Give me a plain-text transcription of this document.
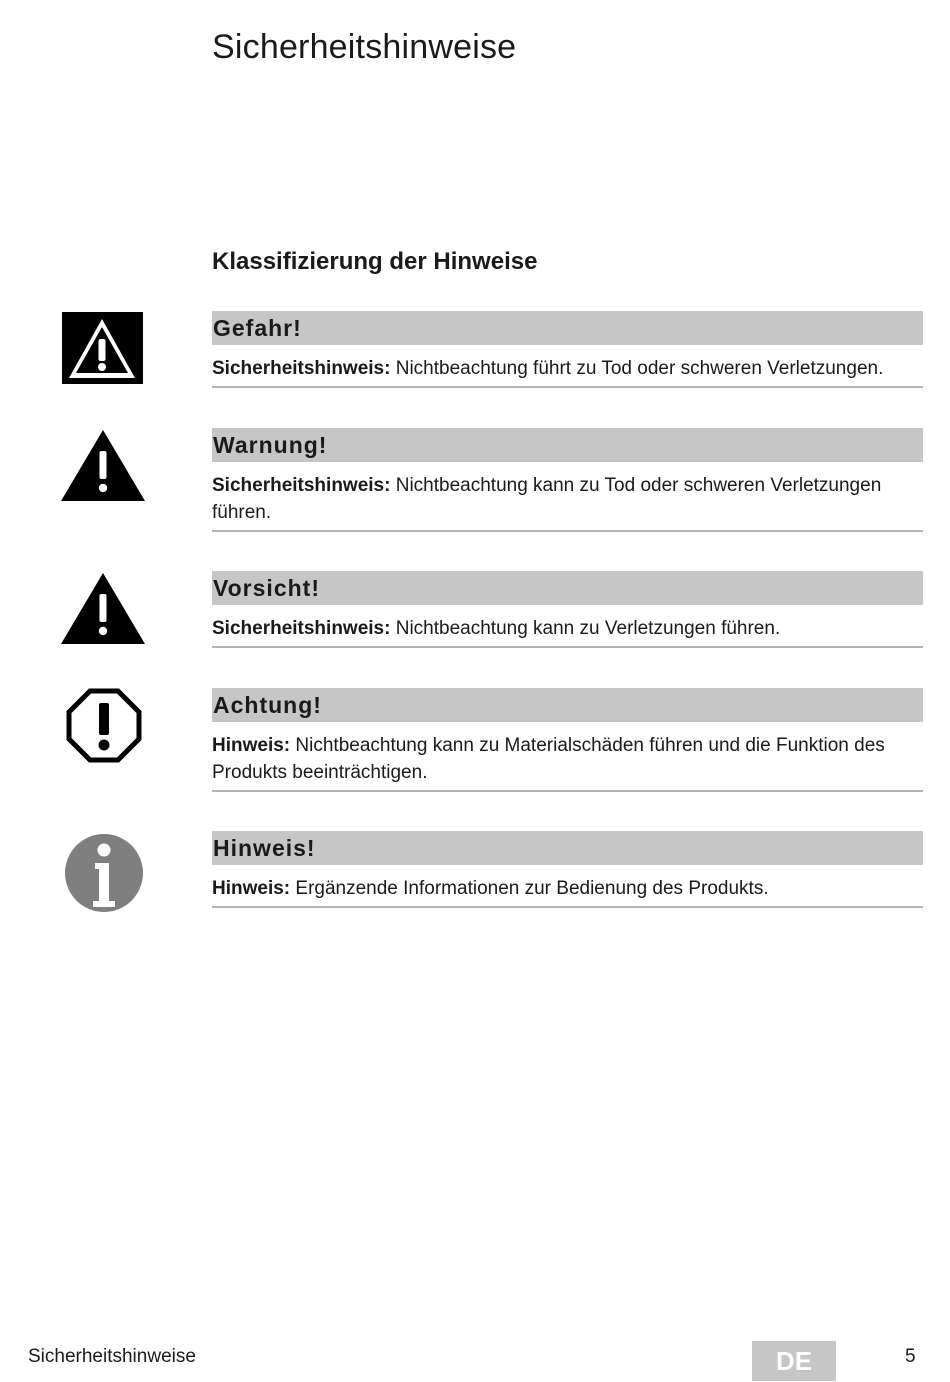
Sicherheitshinweise
Klassifizierung der Hinweise
Gefahr!
Sicherheitshinweis: Nichtbeachtung führt zu Tod oder schweren Verletzungen.
Warnung!
Sicherheitshinweis: Nichtbeachtung kann zu Tod oder schweren Verletzungen führen.
Vorsicht!
Sicherheitshinweis: Nichtbeachtung kann zu Verletzungen führen.
Achtung!
Hinweis: Nichtbeachtung kann zu Materialschäden führen und die Funktion des Produkts beeinträchtigen.
Hinweis!
Hinweis: Ergänzende Informationen zur Bedienung des Produkts.
Sicherheitshinweise	DE	5
